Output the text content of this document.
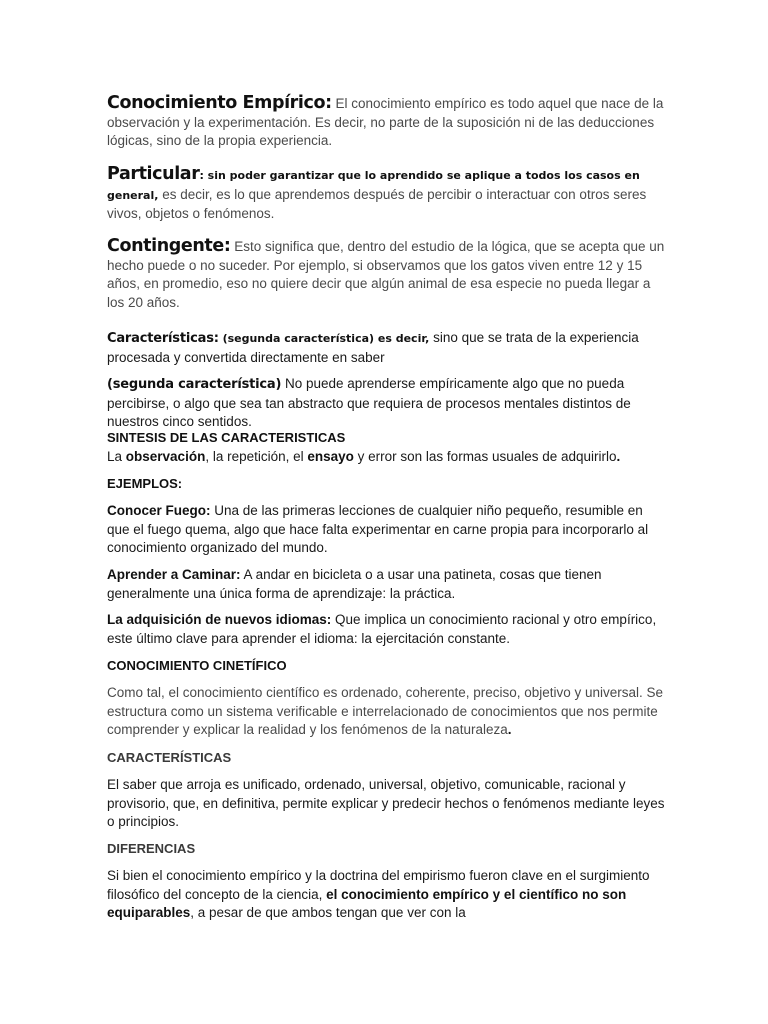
Conocimiento Empírico: El conocimiento empírico es todo aquel que nace de la observación y la experimentación. Es decir, no parte de la suposición ni de las deducciones lógicas, sino de la propia experiencia.
Particular: sin poder garantizar que lo aprendido se aplique a todos los casos en general, es decir, es lo que aprendemos después de percibir o interactuar con otros seres vivos, objetos o fenómenos.
Contingente: Esto significa que, dentro del estudio de la lógica, que se acepta que un hecho puede o no suceder. Por ejemplo, si observamos que los gatos viven entre 12 y 15 años, en promedio, eso no quiere decir que algún animal de esa especie no pueda llegar a los 20 años.
Características: (segunda característica) es decir, sino que se trata de la experiencia procesada y convertida directamente en saber
(segunda característica) No puede aprenderse empíricamente algo que no pueda percibirse, o algo que sea tan abstracto que requiera de procesos mentales distintos de nuestros cinco sentidos.
SINTESIS DE LAS CARACTERISTICAS
La observación, la repetición, el ensayo y error son las formas usuales de adquirirlo.
EJEMPLOS:
Conocer Fuego: Una de las primeras lecciones de cualquier niño pequeño, resumible en que el fuego quema, algo que hace falta experimentar en carne propia para incorporarlo al conocimiento organizado del mundo.
Aprender a Caminar: A andar en bicicleta o a usar una patineta, cosas que tienen generalmente una única forma de aprendizaje: la práctica.
La adquisición de nuevos idiomas: Que implica un conocimiento racional y otro empírico, este último clave para aprender el idioma: la ejercitación constante.
CONOCIMIENTO CINETÍFICO
Como tal, el conocimiento científico es ordenado, coherente, preciso, objetivo y universal. Se estructura como un sistema verificable e interrelacionado de conocimientos que nos permite comprender y explicar la realidad y los fenómenos de la naturaleza.
CARACTERÍSTICAS
El saber que arroja es unificado, ordenado, universal, objetivo, comunicable, racional y provisorio, que, en definitiva, permite explicar y predecir hechos o fenómenos mediante leyes o principios.
DIFERENCIAS
Si bien el conocimiento empírico y la doctrina del empirismo fueron clave en el surgimiento filosófico del concepto de la ciencia, el conocimiento empírico y el científico no son equiparables, a pesar de que ambos tengan que ver con la
